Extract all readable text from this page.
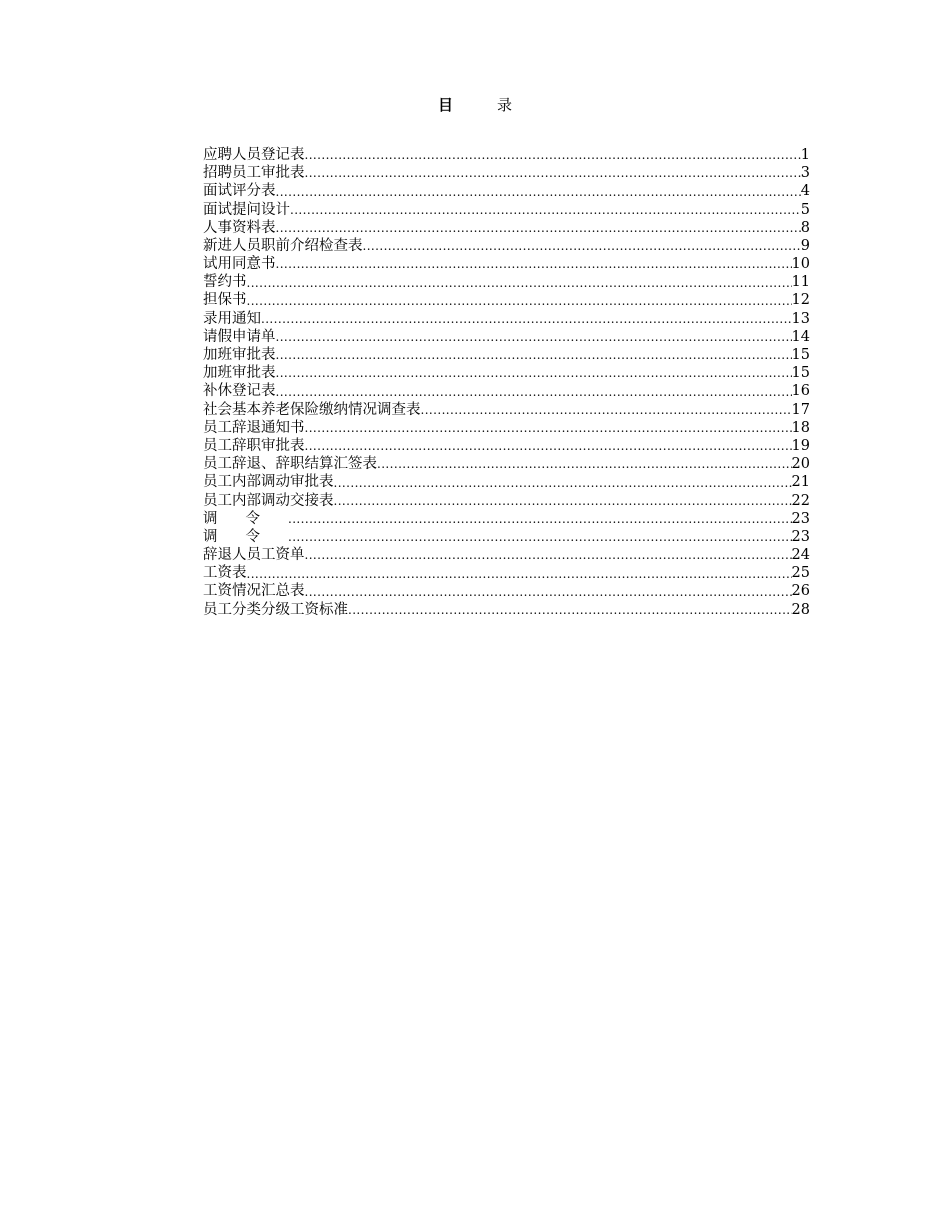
目	录
应聘人员登记表 .....	1
招聘员工审批表 .....	3
面试评分表 .....	4
面试提问设计 .....	5
人事资料表 .....	8
新进人员职前介绍检查表 .....	9
试用同意书 .....	10
誓约书 .....	11
担保书 .....	12
录用通知 .....	13
请假申请单 .....	14
加班审批表 .....	15
加班审批表 .....	15
补休登记表 .....	16
社会基本养老保险缴纳情况调查表 .....	17
员工辞退通知书 .....	18
员工辞职审批表 .....	19
员工辞退、辞职结算汇签表 .....	20
员工内部调动审批表 .....	21
员工内部调动交接表 .....	22
调令 .....	23
调令 .....	23
辞退人员工资单 .....	24
工资表 .....	25
工资情况汇总表 .....	26
员工分类分级工资标准 .....	28
